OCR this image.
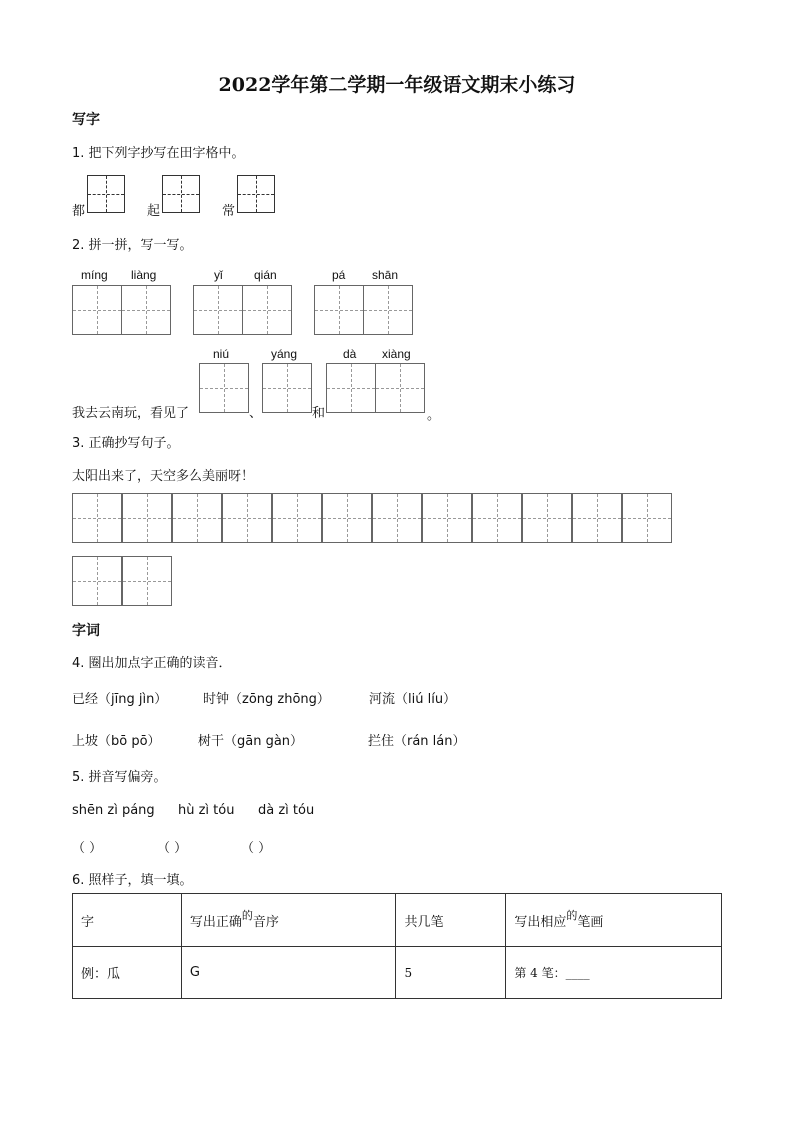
2022学年第二学期一年级语文期末小练习
写字
1. 把下列字抄写在田字格中。
都	起	常
2. 拼一拼，写一写。
míng liàng	yǐ	qián	pá shān
niú	yáng	dà xiàng
我去云南玩，看见了	、	和	。
3. 正确抄写句子。
太阳出来了，天空多么美丽呀！
字词
4. 圈出加点字正确的读音．
已经（jīng jìn）	时钟（zōng zhōng）	河流（liú líu）
上坡（bō pō）	树干（gān gàn）	拦住（rán lán）
5. 拼音写偏旁。
shēn zì páng hù zì tóu dà zì tóu
（ ）	（ ）	（ ）
6. 照样子，填一填。
字	写出正确$^的$音序	共几笔	写出相应$^的$笔画
例：瓜	G	5	第 4 笔：____
